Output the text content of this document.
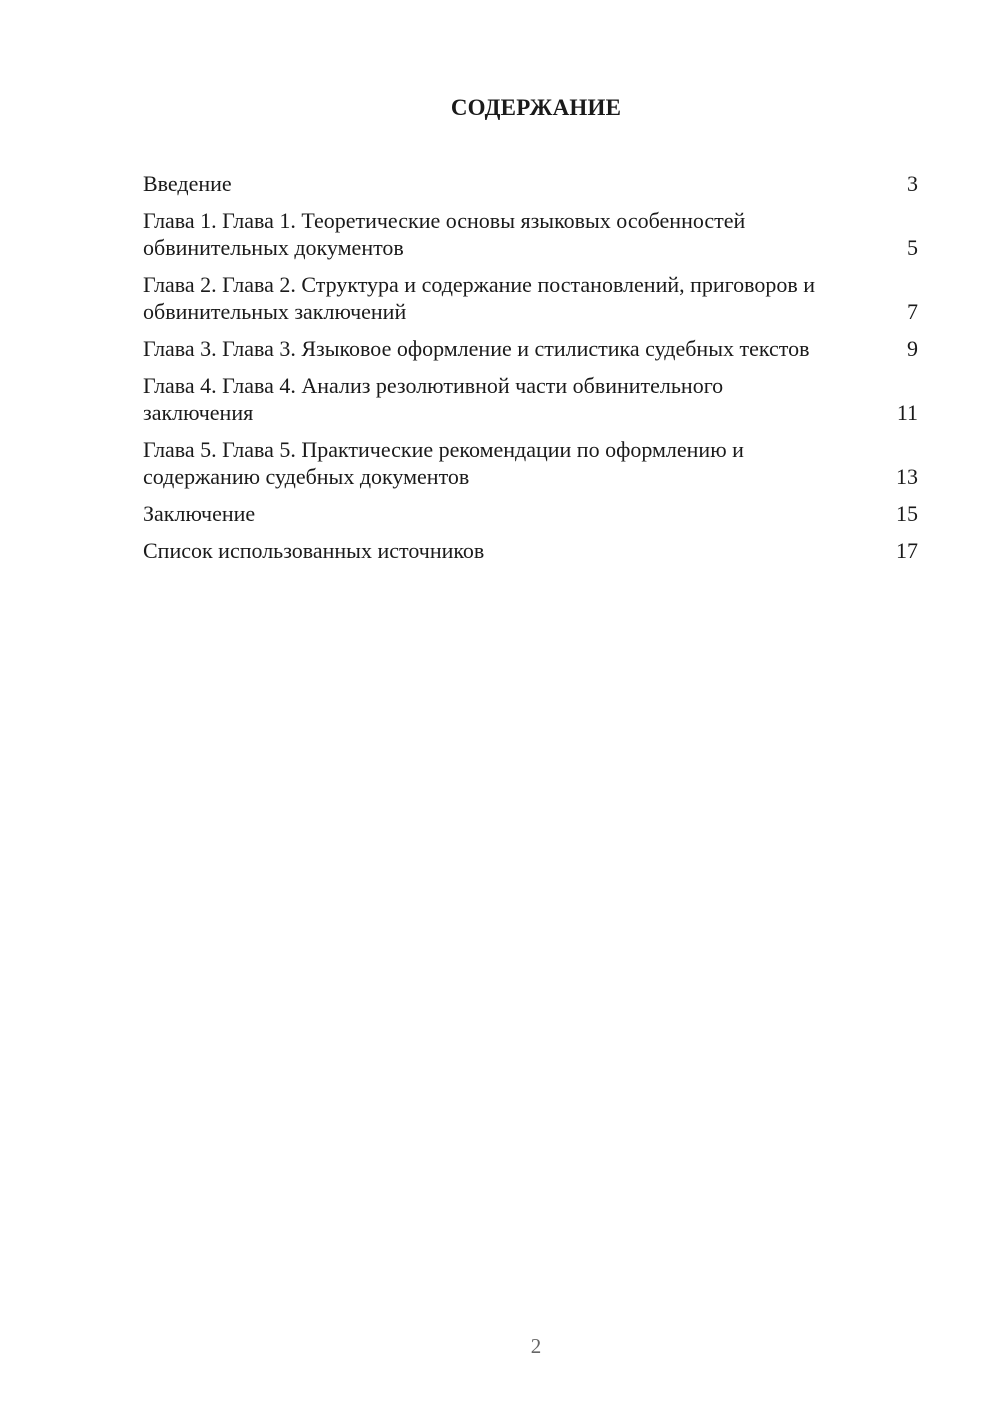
СОДЕРЖАНИЕ
Введение	3
Глава 1. Глава 1. Теоретические основы языковых особенностей обвинительных документов	5
Глава 2. Глава 2. Структура и содержание постановлений, приговоров и обвинительных заключений	7
Глава 3. Глава 3. Языковое оформление и стилистика судебных текстов	9
Глава 4. Глава 4. Анализ резолютивной части обвинительного заключения	11
Глава 5. Глава 5. Практические рекомендации по оформлению и содержанию судебных документов	13
Заключение	15
Список использованных источников	17
2
